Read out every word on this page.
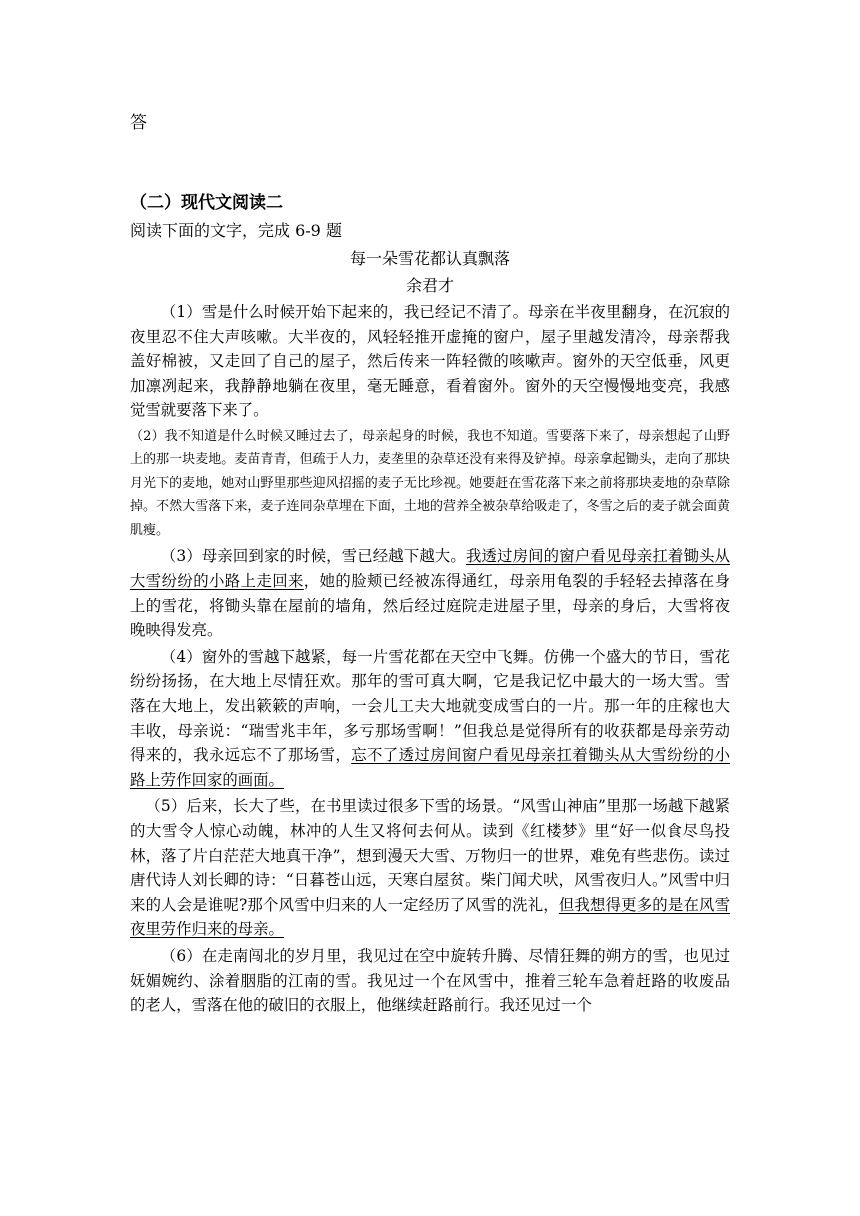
答
（二）现代文阅读二
阅读下面的文字，完成 6-9 题
每一朵雪花都认真飘落
余君才

（1）雪是什么时候开始下起来的，我已经记不清了。母亲在半夜里翻身，在沉寂的夜里忍不住大声咳嗽。大半夜的，风轻轻推开虚掩的窗户，屋子里越发清冷，母亲帮我盖好棉被，又走回了自己的屋子，然后传来一阵轻微的咳嗽声。窗外的天空低垂，风更加凛冽起来，我静静地躺在夜里，毫无睡意，看着窗外。窗外的天空慢慢地变亮，我感觉雪就要落下来了。

（2）我不知道是什么时候又睡过去了，母亲起身的时候，我也不知道。雪要落下来了，母亲想起了山野上的那一块麦地。麦苗青青，但疏于人力，麦垄里的杂草还没有来得及铲掉。母亲拿起锄头，走向了那块月光下的麦地，她对山野里那些迎风招摇的麦子无比珍视。她要赶在雪花落下来之前将那块麦地的杂草除掉。不然大雪落下来，麦子连同杂草埋在下面，土地的营养全被杂草给吸走了，冬雪之后的麦子就会面黄肌瘦。

（3）母亲回到家的时候，雪已经越下越大。我透过房间的窗户看见母亲扛着锄头从大雪纷纷的小路上走回来，她的脸颊已经被冻得通红，母亲用龟裂的手轻轻去掉落在身上的雪花，将锄头靠在屋前的墙角，然后经过庭院走进屋子里，母亲的身后，大雪将夜晚映得发亮。

（4）窗外的雪越下越紧，每一片雪花都在天空中飞舞。仿佛一个盛大的节日，雪花纷纷扬扬，在大地上尽情狂欢。那年的雪可真大啊，它是我记忆中最大的一场大雪。雪落在大地上，发出簌簌的声响，一会儿工夫大地就变成雪白的一片。那一年的庄稼也大丰收，母亲说：“瑞雪兆丰年，多亏那场雪啊！”但我总是觉得所有的收获都是母亲劳动得来的，我永远忘不了那场雪，忘不了透过房间窗户看见母亲扛着锄头从大雪纷纷的小路上劳作回家的画面。

（5）后来，长大了些，在书里读过很多下雪的场景。“风雪山神庙”里那一场越下越紧的大雪令人惊心动魄，林冲的人生又将何去何从。读到《红楼梦》里“好一似食尽鸟投林，落了片白茫茫大地真干净”，想到漫天大雪、万物归一的世界，难免有些悲伤。读过唐代诗人刘长卿的诗：“日暮苍山远，天寒白屋贫。柴门闻犬吠，风雪夜归人。”风雪中归来的人会是谁呢?那个风雪中归来的人一定经历了风雪的洗礼，但我想得更多的是在风雪夜里劳作归来的母亲。

（6）在走南闯北的岁月里，我见过在空中旋转升腾、尽情狂舞的朔方的雪，也见过妩媚婉约、涂着胭脂的江南的雪。我见过一个在风雪中，推着三轮车急着赶路的收废品的老人，雪落在他的破旧的衣服上，他继续赶路前行。我还见过一个
